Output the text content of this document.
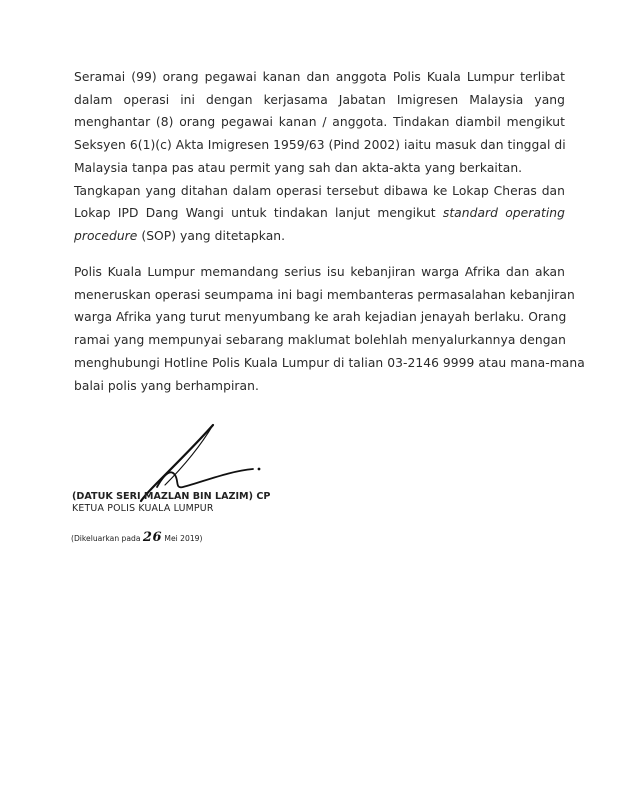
Seramai (99) orang pegawai kanan dan anggota Polis Kuala Lumpur terlibat
dalam operasi ini dengan kerjasama Jabatan Imigresen Malaysia yang
menghantar (8) orang pegawai kanan / anggota. Tindakan diambil mengikut
Seksyen 6(1)(c) Akta Imigresen 1959/63 (Pind 2002) iaitu masuk dan tinggal di
Malaysia tanpa pas atau permit yang sah dan akta-akta yang berkaitan.
Tangkapan yang ditahan dalam operasi tersebut dibawa ke Lokap Cheras dan
Lokap IPD Dang Wangi untuk tindakan lanjut mengikut standard operating
procedure (SOP) yang ditetapkan.
Polis Kuala Lumpur memandang serius isu kebanjiran warga Afrika dan akan
meneruskan operasi seumpama ini bagi membanteras permasalahan kebanjiran
warga Afrika yang turut menyumbang ke arah kejadian jenayah berlaku. Orang
ramai yang mempunyai sebarang maklumat bolehlah menyalurkannya dengan
menghubungi Hotline Polis Kuala Lumpur di talian 03-2146 9999 atau mana-mana
balai polis yang berhampiran.
(DATUK SERI MAZLAN BIN LAZIM) CP
KETUA POLIS KUALA LUMPUR
(Dikeluarkan pada 26 Mei 2019)
